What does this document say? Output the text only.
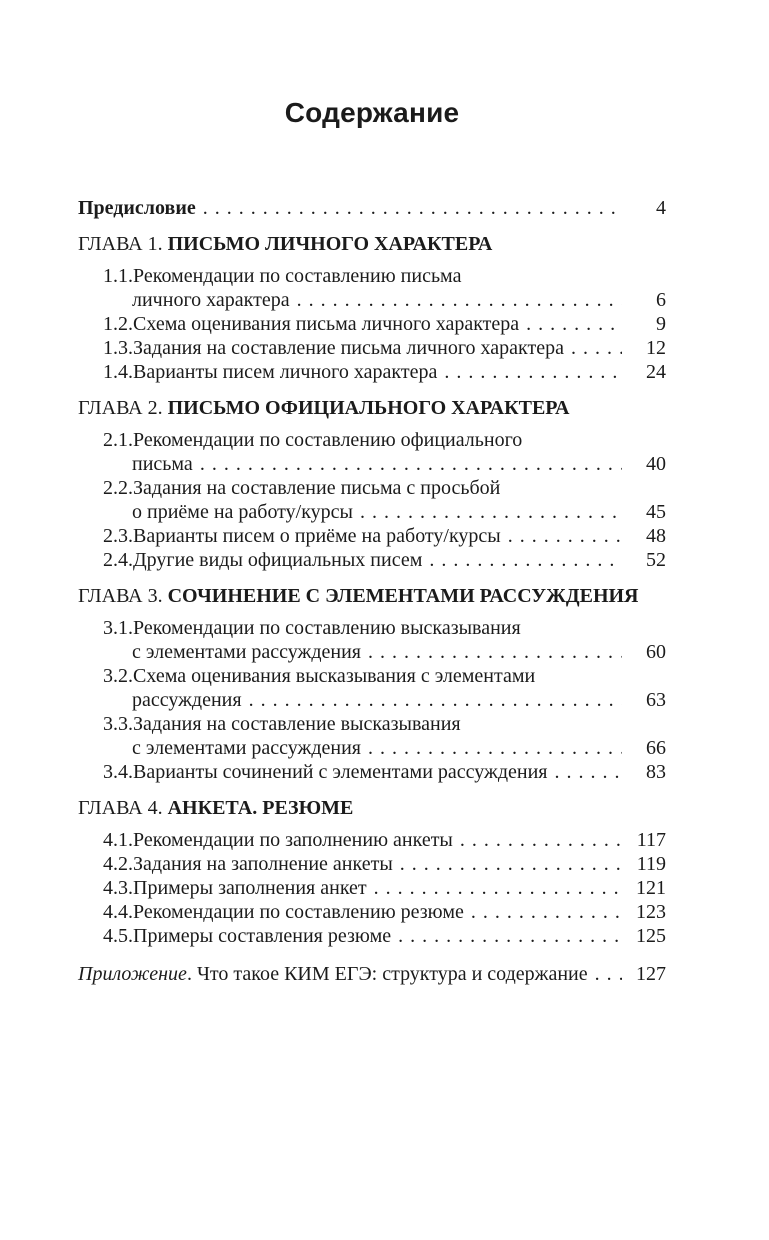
Содержание
Предисловие . . .	4
ГЛАВА 1. ПИСЬМО ЛИЧНОГО ХАРАКТЕРА
1.1. Рекомендации по составлению письма
личного характера . . .	6
1.2. Схема оценивания письма личного характера . . .	9
1.3. Задания на составление письма личного характера . . .	12
1.4. Варианты писем личного характера . . .	24
ГЛАВА 2. ПИСЬМО ОФИЦИАЛЬНОГО ХАРАКТЕРА
2.1. Рекомендации по составлению официального
письма . . .	40
2.2. Задания на составление письма с просьбой
о приёме на работу/курсы . . .	45
2.3. Варианты писем о приёме на работу/курсы . . .	48
2.4. Другие виды официальных писем . . .	52
ГЛАВА 3. СОЧИНЕНИЕ С ЭЛЕМЕНТАМИ РАССУЖДЕНИЯ
3.1. Рекомендации по составлению высказывания
с элементами рассуждения . . .	60
3.2. Схема оценивания высказывания с элементами
рассуждения . . .	63
3.3. Задания на составление высказывания
с элементами рассуждения . . .	66
3.4. Варианты сочинений с элементами рассуждения . . .	83
ГЛАВА 4. АНКЕТА. РЕЗЮМЕ
4.1. Рекомендации по заполнению анкеты . . .	117
4.2. Задания на заполнение анкеты . . .	119
4.3. Примеры заполнения анкет . . .	121
4.4. Рекомендации по составлению резюме . . .	123
4.5. Примеры составления резюме . . .	125
Приложение. Что такое КИМ ЕГЭ: структура и содержание . . .	127
